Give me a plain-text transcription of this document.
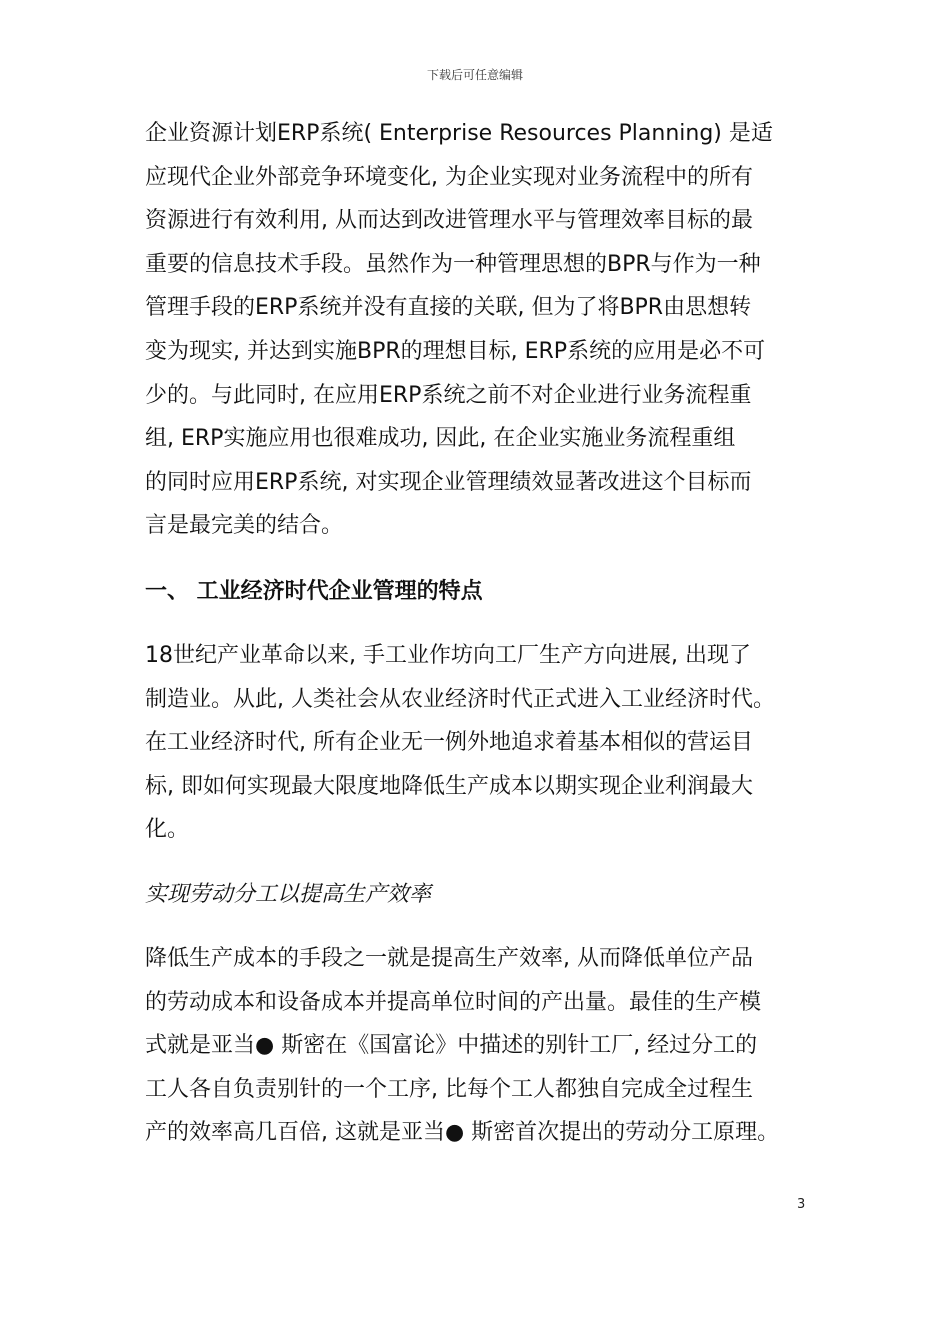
下载后可任意编辑
企业资源计划ERP系统( Enterprise Resources Planning) 是适
应现代企业外部竞争环境变化, 为企业实现对业务流程中的所有
资源进行有效利用, 从而达到改进管理水平与管理效率目标的最
重要的信息技术手段。虽然作为一种管理思想的BPR与作为一种
管理手段的ERP系统并没有直接的关联, 但为了将BPR由思想转
变为现实, 并达到实施BPR的理想目标, ERP系统的应用是必不可
少的。与此同时, 在应用ERP系统之前不对企业进行业务流程重
组, ERP实施应用也很难成功, 因此, 在企业实施业务流程重组
的同时应用ERP系统, 对实现企业管理绩效显著改进这个目标而
言是最完美的结合。
一、 工业经济时代企业管理的特点
18世纪产业革命以来, 手工业作坊向工厂生产方向进展, 出现了
制造业。从此, 人类社会从农业经济时代正式进入工业经济时代。
在工业经济时代, 所有企业无一例外地追求着基本相似的营运目
标, 即如何实现最大限度地降低生产成本以期实现企业利润最大
化。
实现劳动分工以提高生产效率
降低生产成本的手段之一就是提高生产效率, 从而降低单位产品
的劳动成本和设备成本并提高单位时间的产出量。最佳的生产模
式就是亚当● 斯密在《国富论》中描述的别针工厂, 经过分工的
工人各自负责别针的一个工序, 比每个工人都独自完成全过程生
产的效率高几百倍, 这就是亚当● 斯密首次提出的劳动分工原理。
3
